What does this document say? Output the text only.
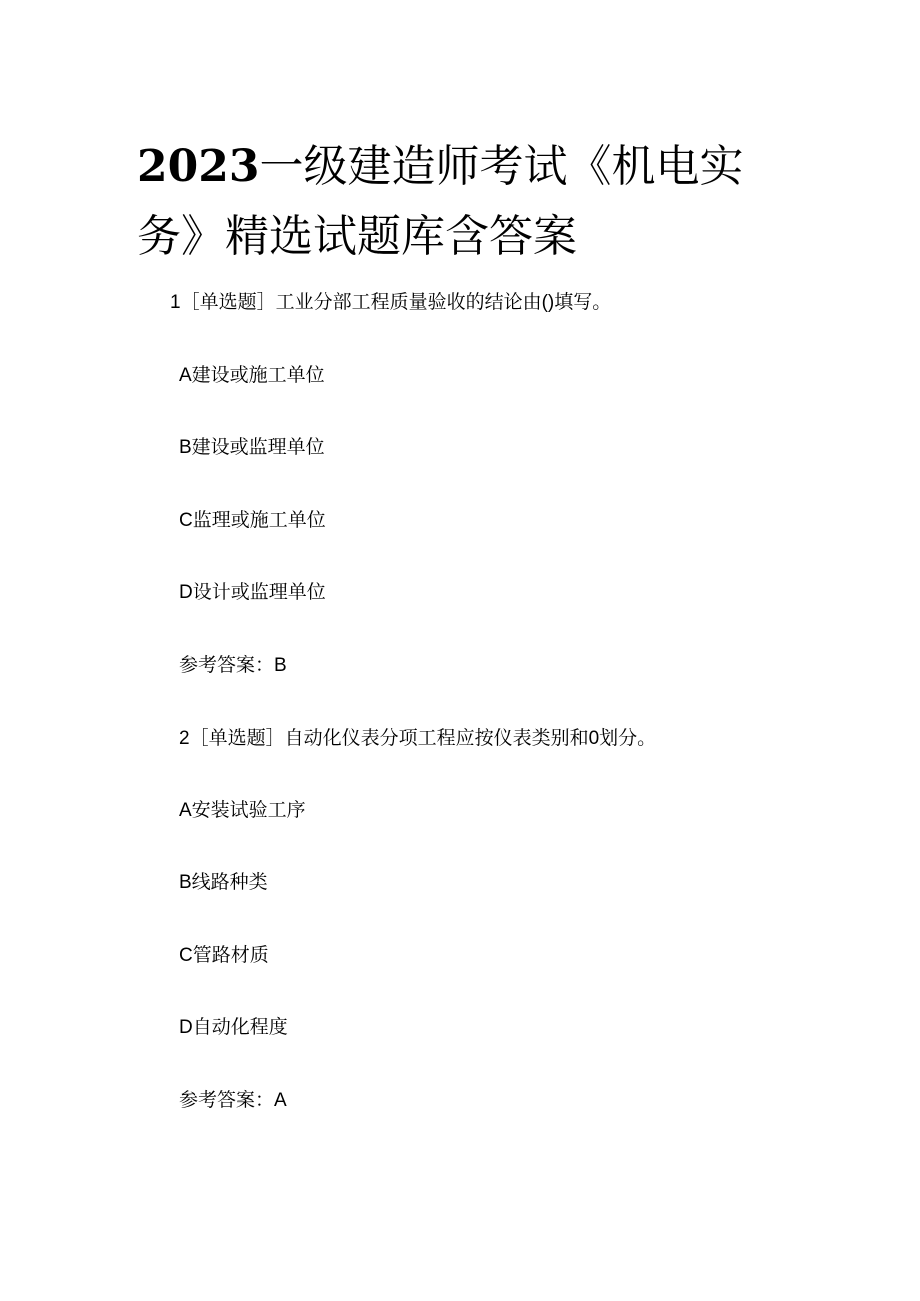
2023一级建造师考试《机电实务》精选试题库含答案
1［单选题］工业分部工程质量验收的结论由()填写。
A建设或施工单位
B建设或监理单位
C监理或施工单位
D设计或监理单位
参考答案：B
2［单选题］自动化仪表分项工程应按仪表类别和0划分。
A安装试验工序
B线路种类
C管路材质
D自动化程度
参考答案：A
